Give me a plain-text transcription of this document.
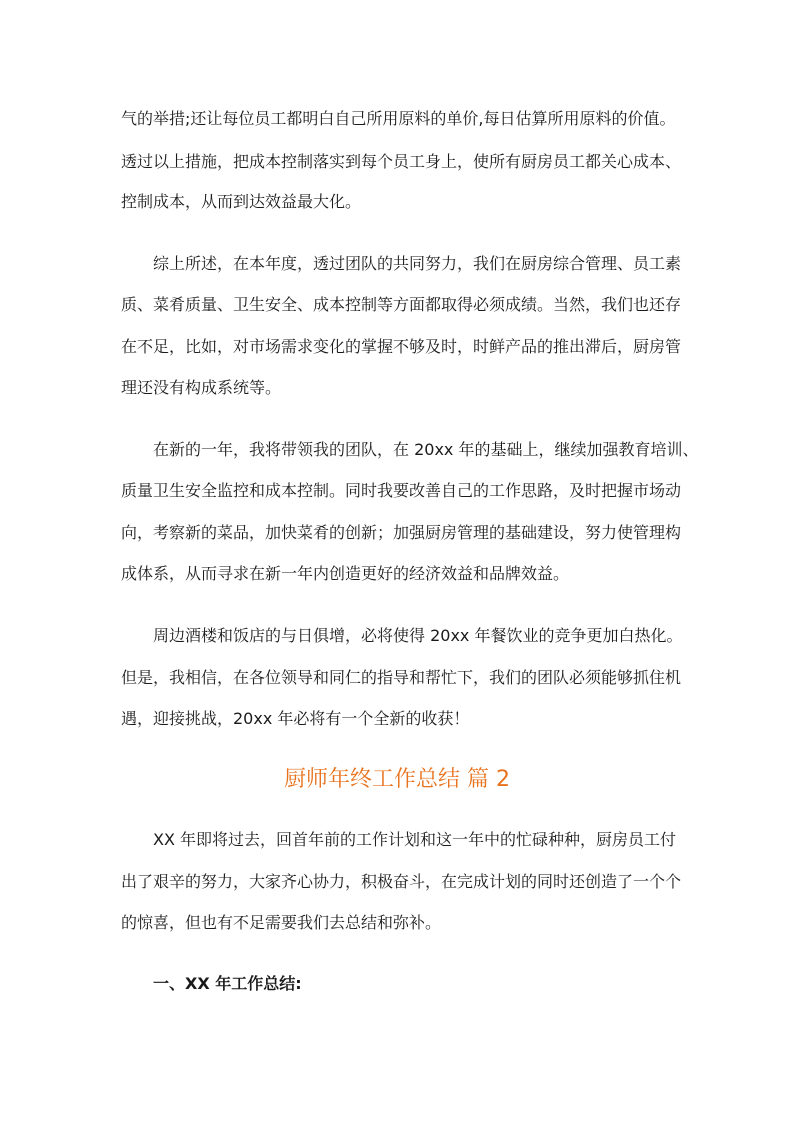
气的举措;还让每位员工都明白自己所用原料的单价,每日估算所用原料的价值。
透过以上措施，把成本控制落实到每个员工身上，使所有厨房员工都关心成本、
控制成本，从而到达效益最大化。
综上所述，在本年度，透过团队的共同努力，我们在厨房综合管理、员工素
质、菜肴质量、卫生安全、成本控制等方面都取得必须成绩。当然，我们也还存
在不足，比如，对市场需求变化的掌握不够及时，时鲜产品的推出滞后，厨房管
理还没有构成系统等。
在新的一年，我将带领我的团队，在 20xx 年的基础上，继续加强教育培训、
质量卫生安全监控和成本控制。同时我要改善自己的工作思路，及时把握市场动
向，考察新的菜品，加快菜肴的创新；加强厨房管理的基础建设，努力使管理构
成体系，从而寻求在新一年内创造更好的经济效益和品牌效益。
周边酒楼和饭店的与日俱增，必将使得 20xx 年餐饮业的竞争更加白热化。
但是，我相信，在各位领导和同仁的指导和帮忙下，我们的团队必须能够抓住机
遇，迎接挑战，20xx 年必将有一个全新的收获！
厨师年终工作总结 篇 2
XX 年即将过去，回首年前的工作计划和这一年中的忙碌种种，厨房员工付
出了艰辛的努力，大家齐心协力，积极奋斗，在完成计划的同时还创造了一个个
的惊喜，但也有不足需要我们去总结和弥补。
一、XX 年工作总结:
